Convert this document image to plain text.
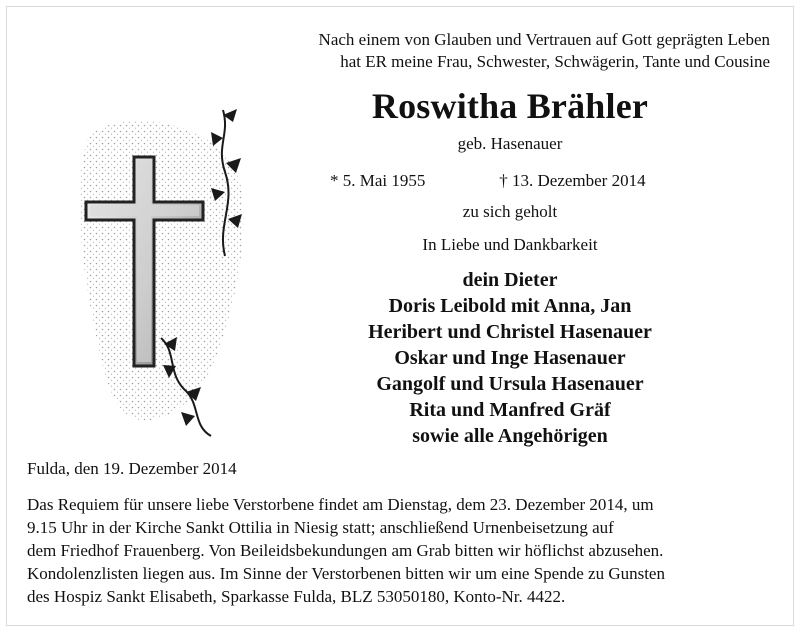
Nach einem von Glauben und Vertrauen auf Gott geprägten Leben
hat ER meine Frau, Schwester, Schwägerin, Tante und Cousine
Roswitha Brähler
geb. Hasenauer
* 5. Mai 1955	† 13. Dezember 2014
zu sich geholt
In Liebe und Dankbarkeit
dein Dieter
Doris Leibold mit Anna, Jan
Heribert und Christel Hasenauer
Oskar und Inge Hasenauer
Gangolf und Ursula Hasenauer
Rita und Manfred Gräf
sowie alle Angehörigen
Fulda, den 19. Dezember 2014
Das Requiem für unsere liebe Verstorbene findet am Dienstag, dem 23. Dezember 2014, um
9.15 Uhr in der Kirche Sankt Ottilia in Niesig statt; anschließend Urnenbeisetzung auf
dem Friedhof Frauenberg. Von Beileidsbekundungen am Grab bitten wir höflichst abzusehen.
Kondolenzlisten liegen aus. Im Sinne der Verstorbenen bitten wir um eine Spende zu Gunsten
des Hospiz Sankt Elisabeth, Sparkasse Fulda, BLZ 53050180, Konto-Nr. 4422.
